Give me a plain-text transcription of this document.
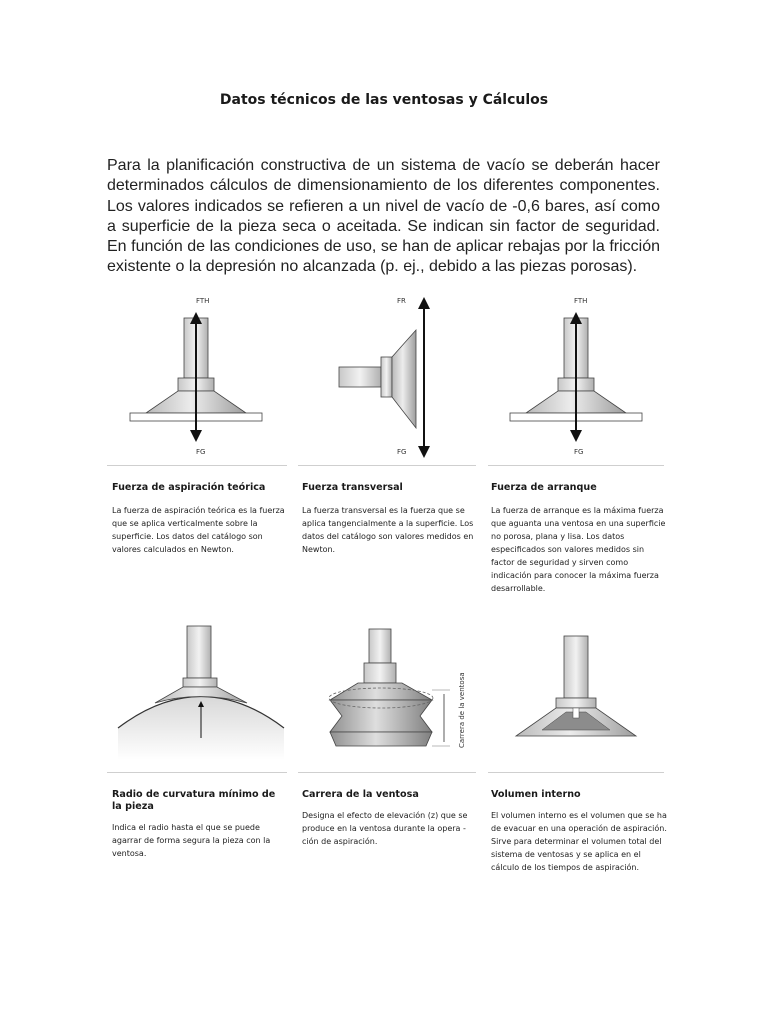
Datos técnicos de las ventosas y Cálculos
Para la planificación constructiva de un sistema de vacío se deberán hacer determinados cálculos de dimensionamiento de los diferentes componentes. Los valores indicados se refieren a un nivel de vacío de -0,6 bares, así como a superficie de la pieza seca o aceitada. Se indican sin factor de seguridad. En función de las condiciones de uso, se han de aplicar rebajas por la fricción existente o la depresión no alcanzada (p. ej., debido a las piezas porosas).
FTH
FG
FR
FG
FTH
FG
Carrera de la ventosa
Fuerza de aspiración teórica
La fuerza de aspiración teórica es la fuerza que se aplica verticalmente sobre la superficie. Los datos del catálogo son valores calculados en Newton.
Fuerza transversal
La fuerza transversal es la fuerza que se aplica tangencialmente a la superficie. Los datos del catálogo son valores medidos en Newton.
Fuerza de arranque
La fuerza de arranque es la máxima fuerza que aguanta una ventosa en una superficie no porosa, plana y lisa. Los datos especificados son valores medidos sin factor de seguridad y sirven como indicación para conocer la máxima fuerza desarrollable.
Radio de curvatura mínimo de la pieza
Indica el radio hasta el que se puede agarrar de forma segura la pieza con la ventosa.
Carrera de la ventosa
Designa el efecto de elevación (z) que se produce en la ventosa durante la opera - ción de aspiración.
Volumen interno
El volumen interno es el volumen que se ha de evacuar en una operación de aspiración. Sirve para determinar el volumen total del sistema de ventosas y se aplica en el cálculo de los tiempos de aspiración.
